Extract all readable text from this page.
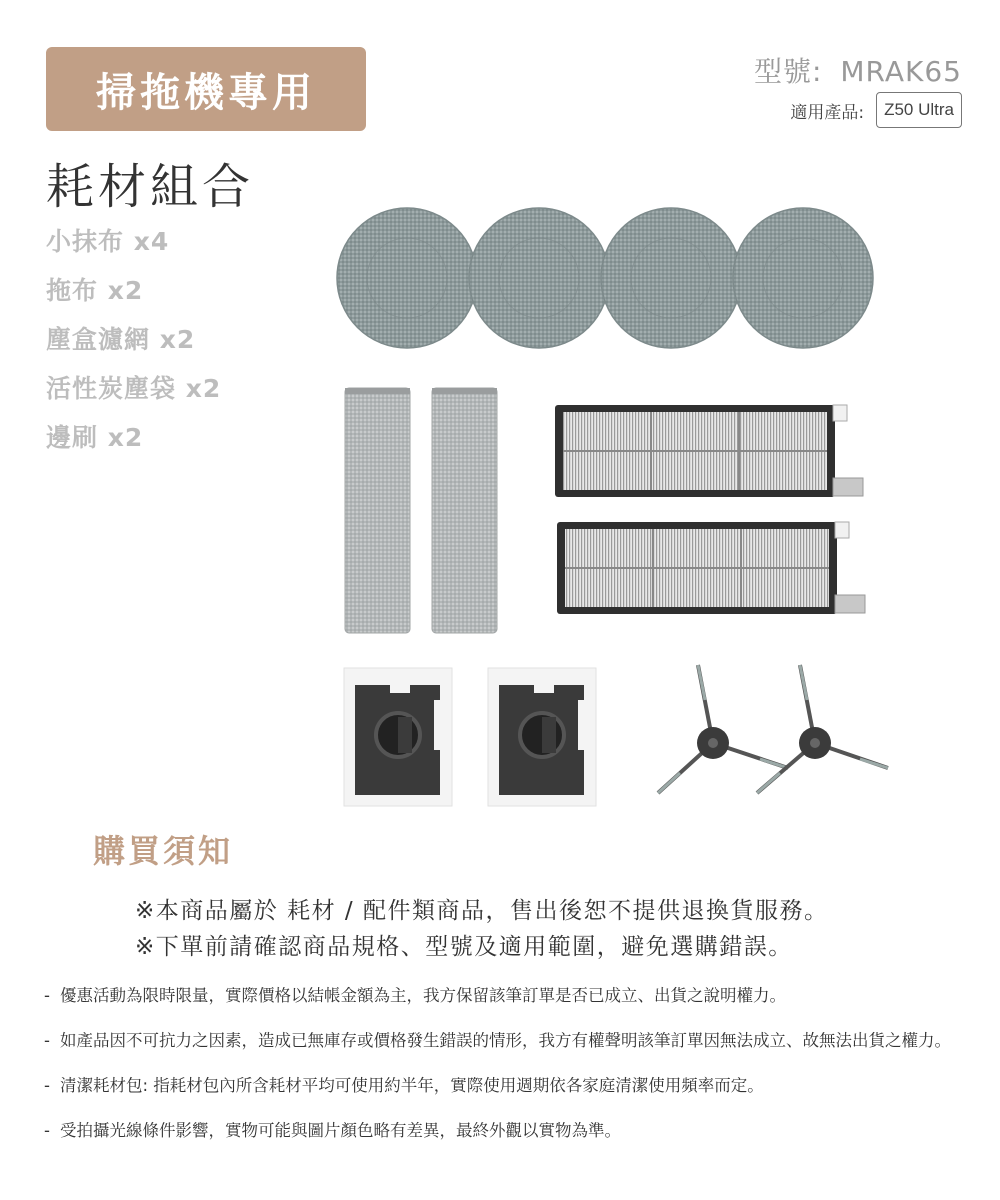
掃拖機專用
耗材組合
型號: MRAK65
適用產品:	Z50 Ultra
小抹布 x4
拖布 x2
塵盒濾網 x2
活性炭塵袋 x2
邊刷 x2
購買須知
※本商品屬於 耗材 / 配件類商品，售出後恕不提供退換貨服務。
※下單前請確認商品規格、型號及適用範圍，避免選購錯誤。
- 優惠活動為限時限量，實際價格以結帳金額為主，我方保留該筆訂單是否已成立、出貨之說明權力。
- 如產品因不可抗力之因素，造成已無庫存或價格發生錯誤的情形，我方有權聲明該筆訂單因無法成立、故無法出貨之權力。
- 清潔耗材包: 指耗材包內所含耗材平均可使用約半年，實際使用週期依各家庭清潔使用頻率而定。
- 受拍攝光線條件影響，實物可能與圖片顏色略有差異，最終外觀以實物為準。
